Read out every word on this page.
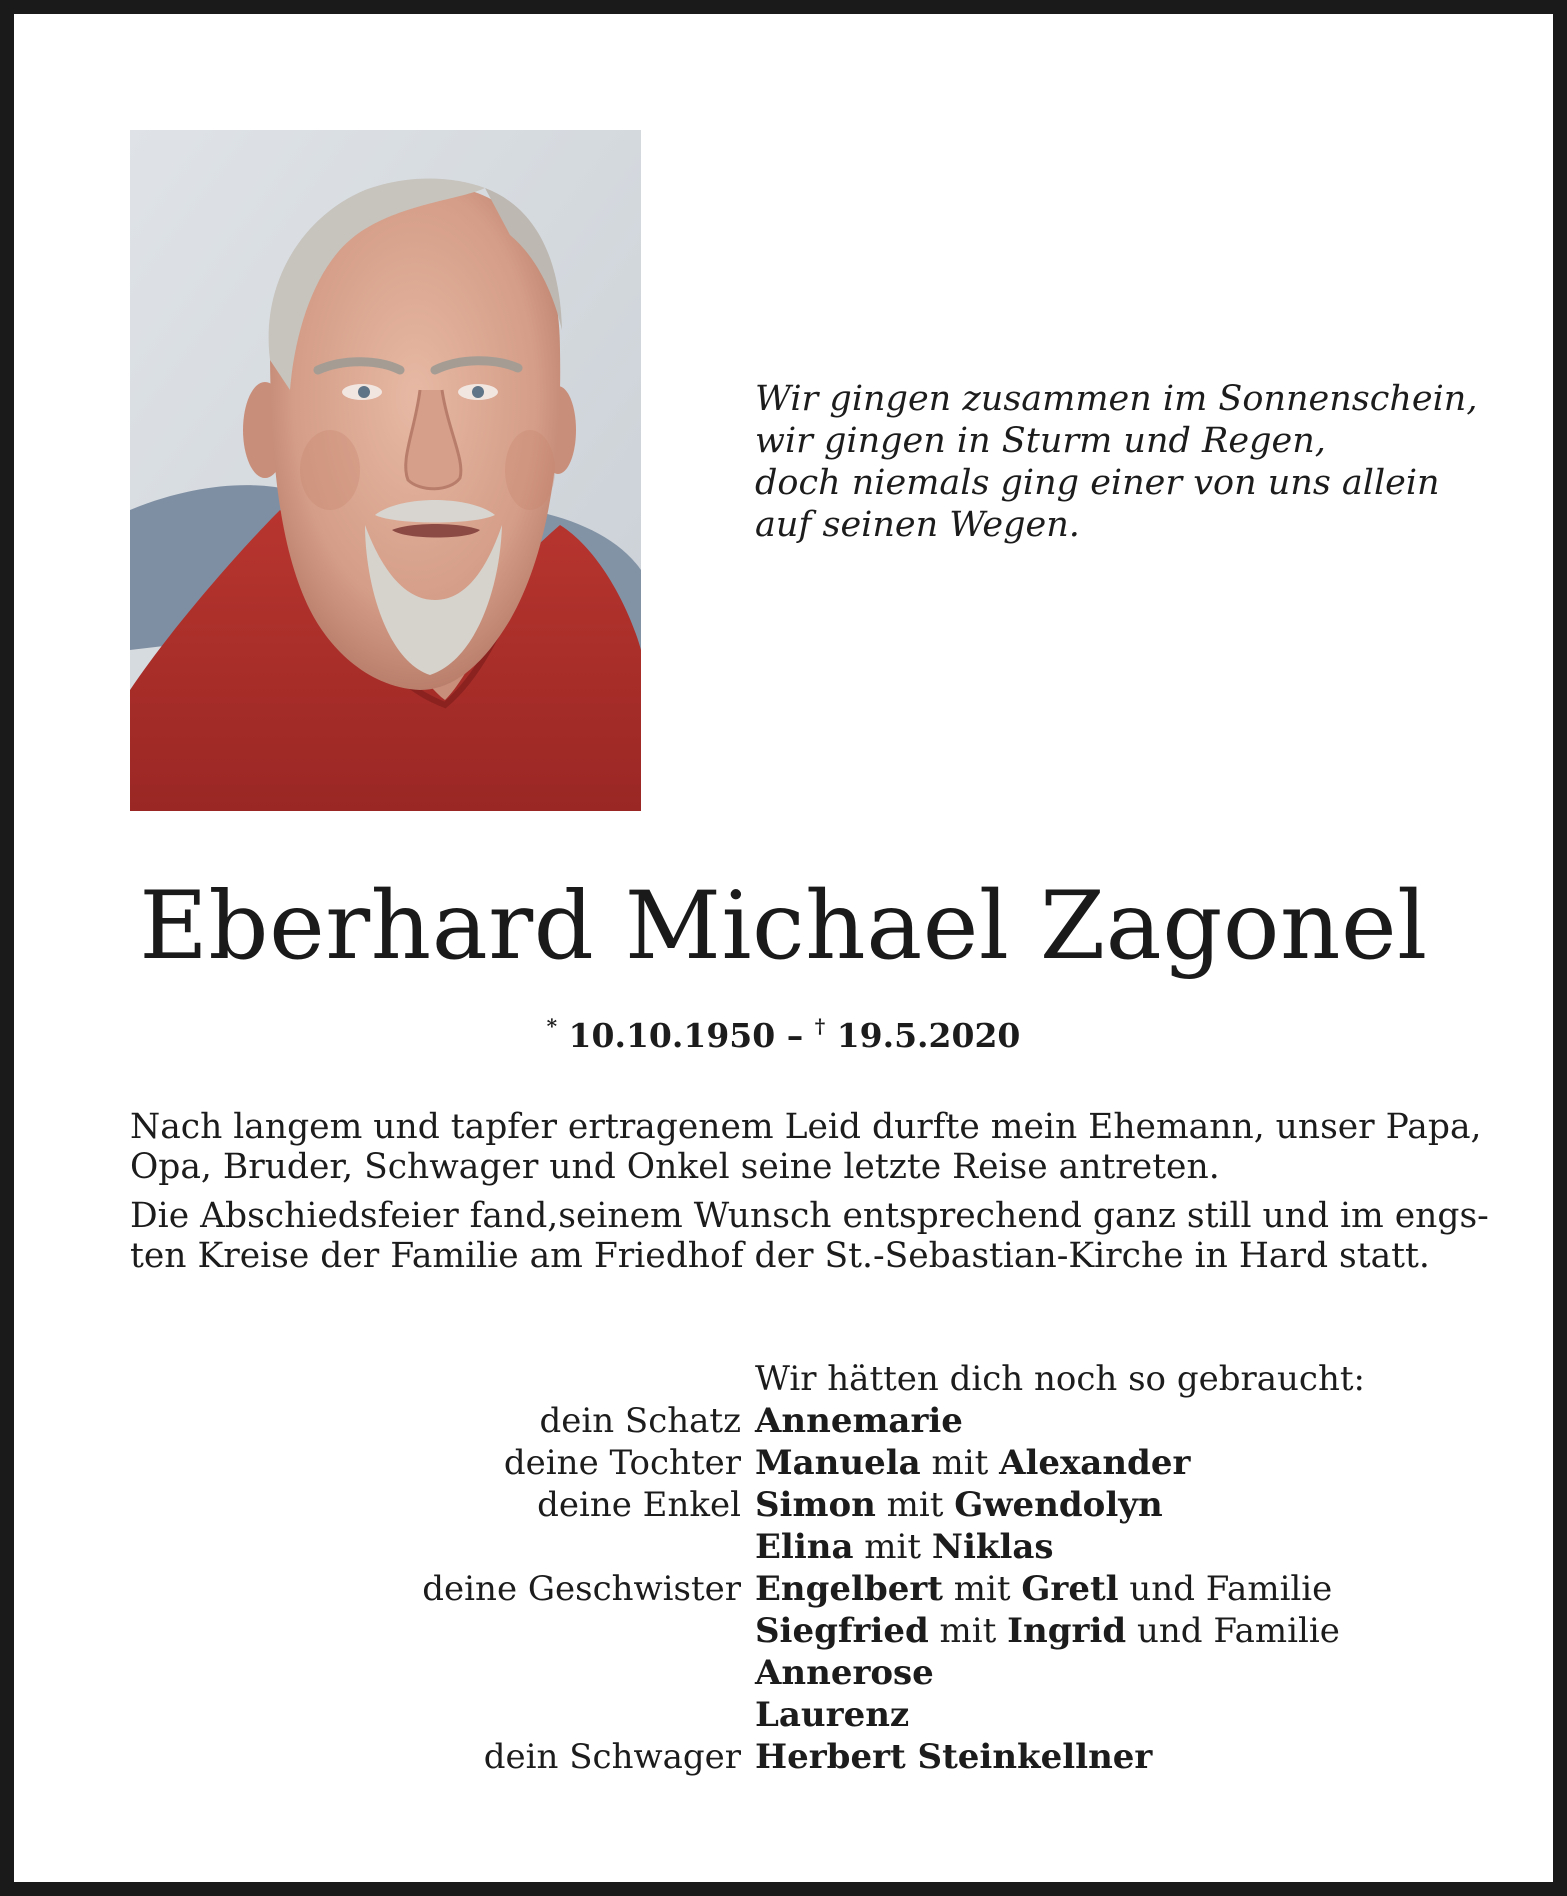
Wir gingen zusammen im Sonnenschein,
wir gingen in Sturm und Regen,
doch niemals ging einer von uns allein
auf seinen Wegen.
Eberhard Michael Zagonel
* 10.10.1950 – † 19.5.2020
Nach langem und tapfer ertragenem Leid durfte mein Ehemann, unser Papa,
Opa, Bruder, Schwager und Onkel seine letzte Reise antreten.
Die Abschiedsfeier fand,seinem Wunsch entsprechend ganz still und im engs-
ten Kreise der Familie am Friedhof der St.-Sebastian-Kirche in Hard statt.
Wir hätten dich noch so gebraucht:
dein Schatz Annemarie
deine Tochter Manuela mit Alexander
deine Enkel Simon mit Gwendolyn
Elina mit Niklas
deine Geschwister Engelbert mit Gretl und Familie
Siegfried mit Ingrid und Familie
Annerose
Laurenz
dein Schwager Herbert Steinkellner
